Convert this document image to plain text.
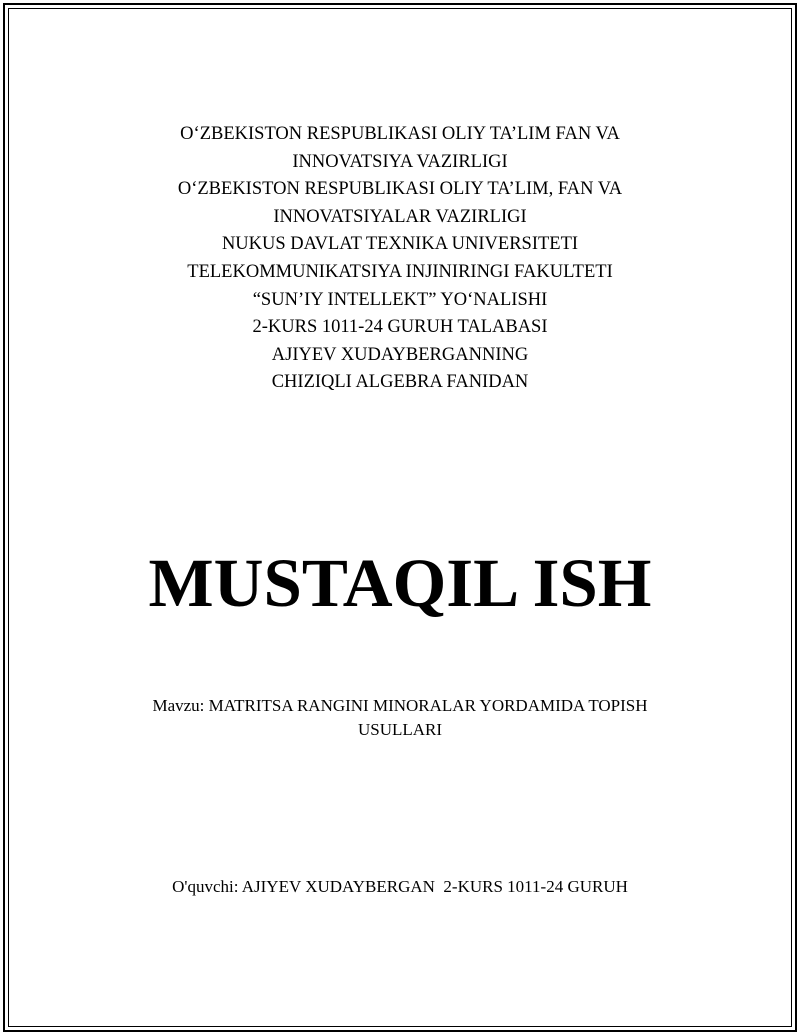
O‘ZBEKISTON RESPUBLIKASI OLIY TA’LIM FAN VA
INNOVATSIYA VAZIRLIGI
O‘ZBEKISTON RESPUBLIKASI OLIY TA’LIM, FAN VA
INNOVATSIYALAR VAZIRLIGI
NUKUS DAVLAT TEXNIKA UNIVERSITETI
TELEKOMMUNIKATSIYA INJINIRINGI FAKULTETI
“SUN’IY INTELLEKT” YO‘NALISHI
2-KURS 1011-24 GURUH TALABASI
AJIYEV XUDAYBERGANNING
CHIZIQLI ALGEBRA FANIDAN
MUSTAQIL ISH
Mavzu: MATRITSA RANGINI MINORALAR YORDAMIDA TOPISH
USULLARI
O'quvchi: AJIYEV XUDAYBERGAN  2-KURS 1011-24 GURUH
